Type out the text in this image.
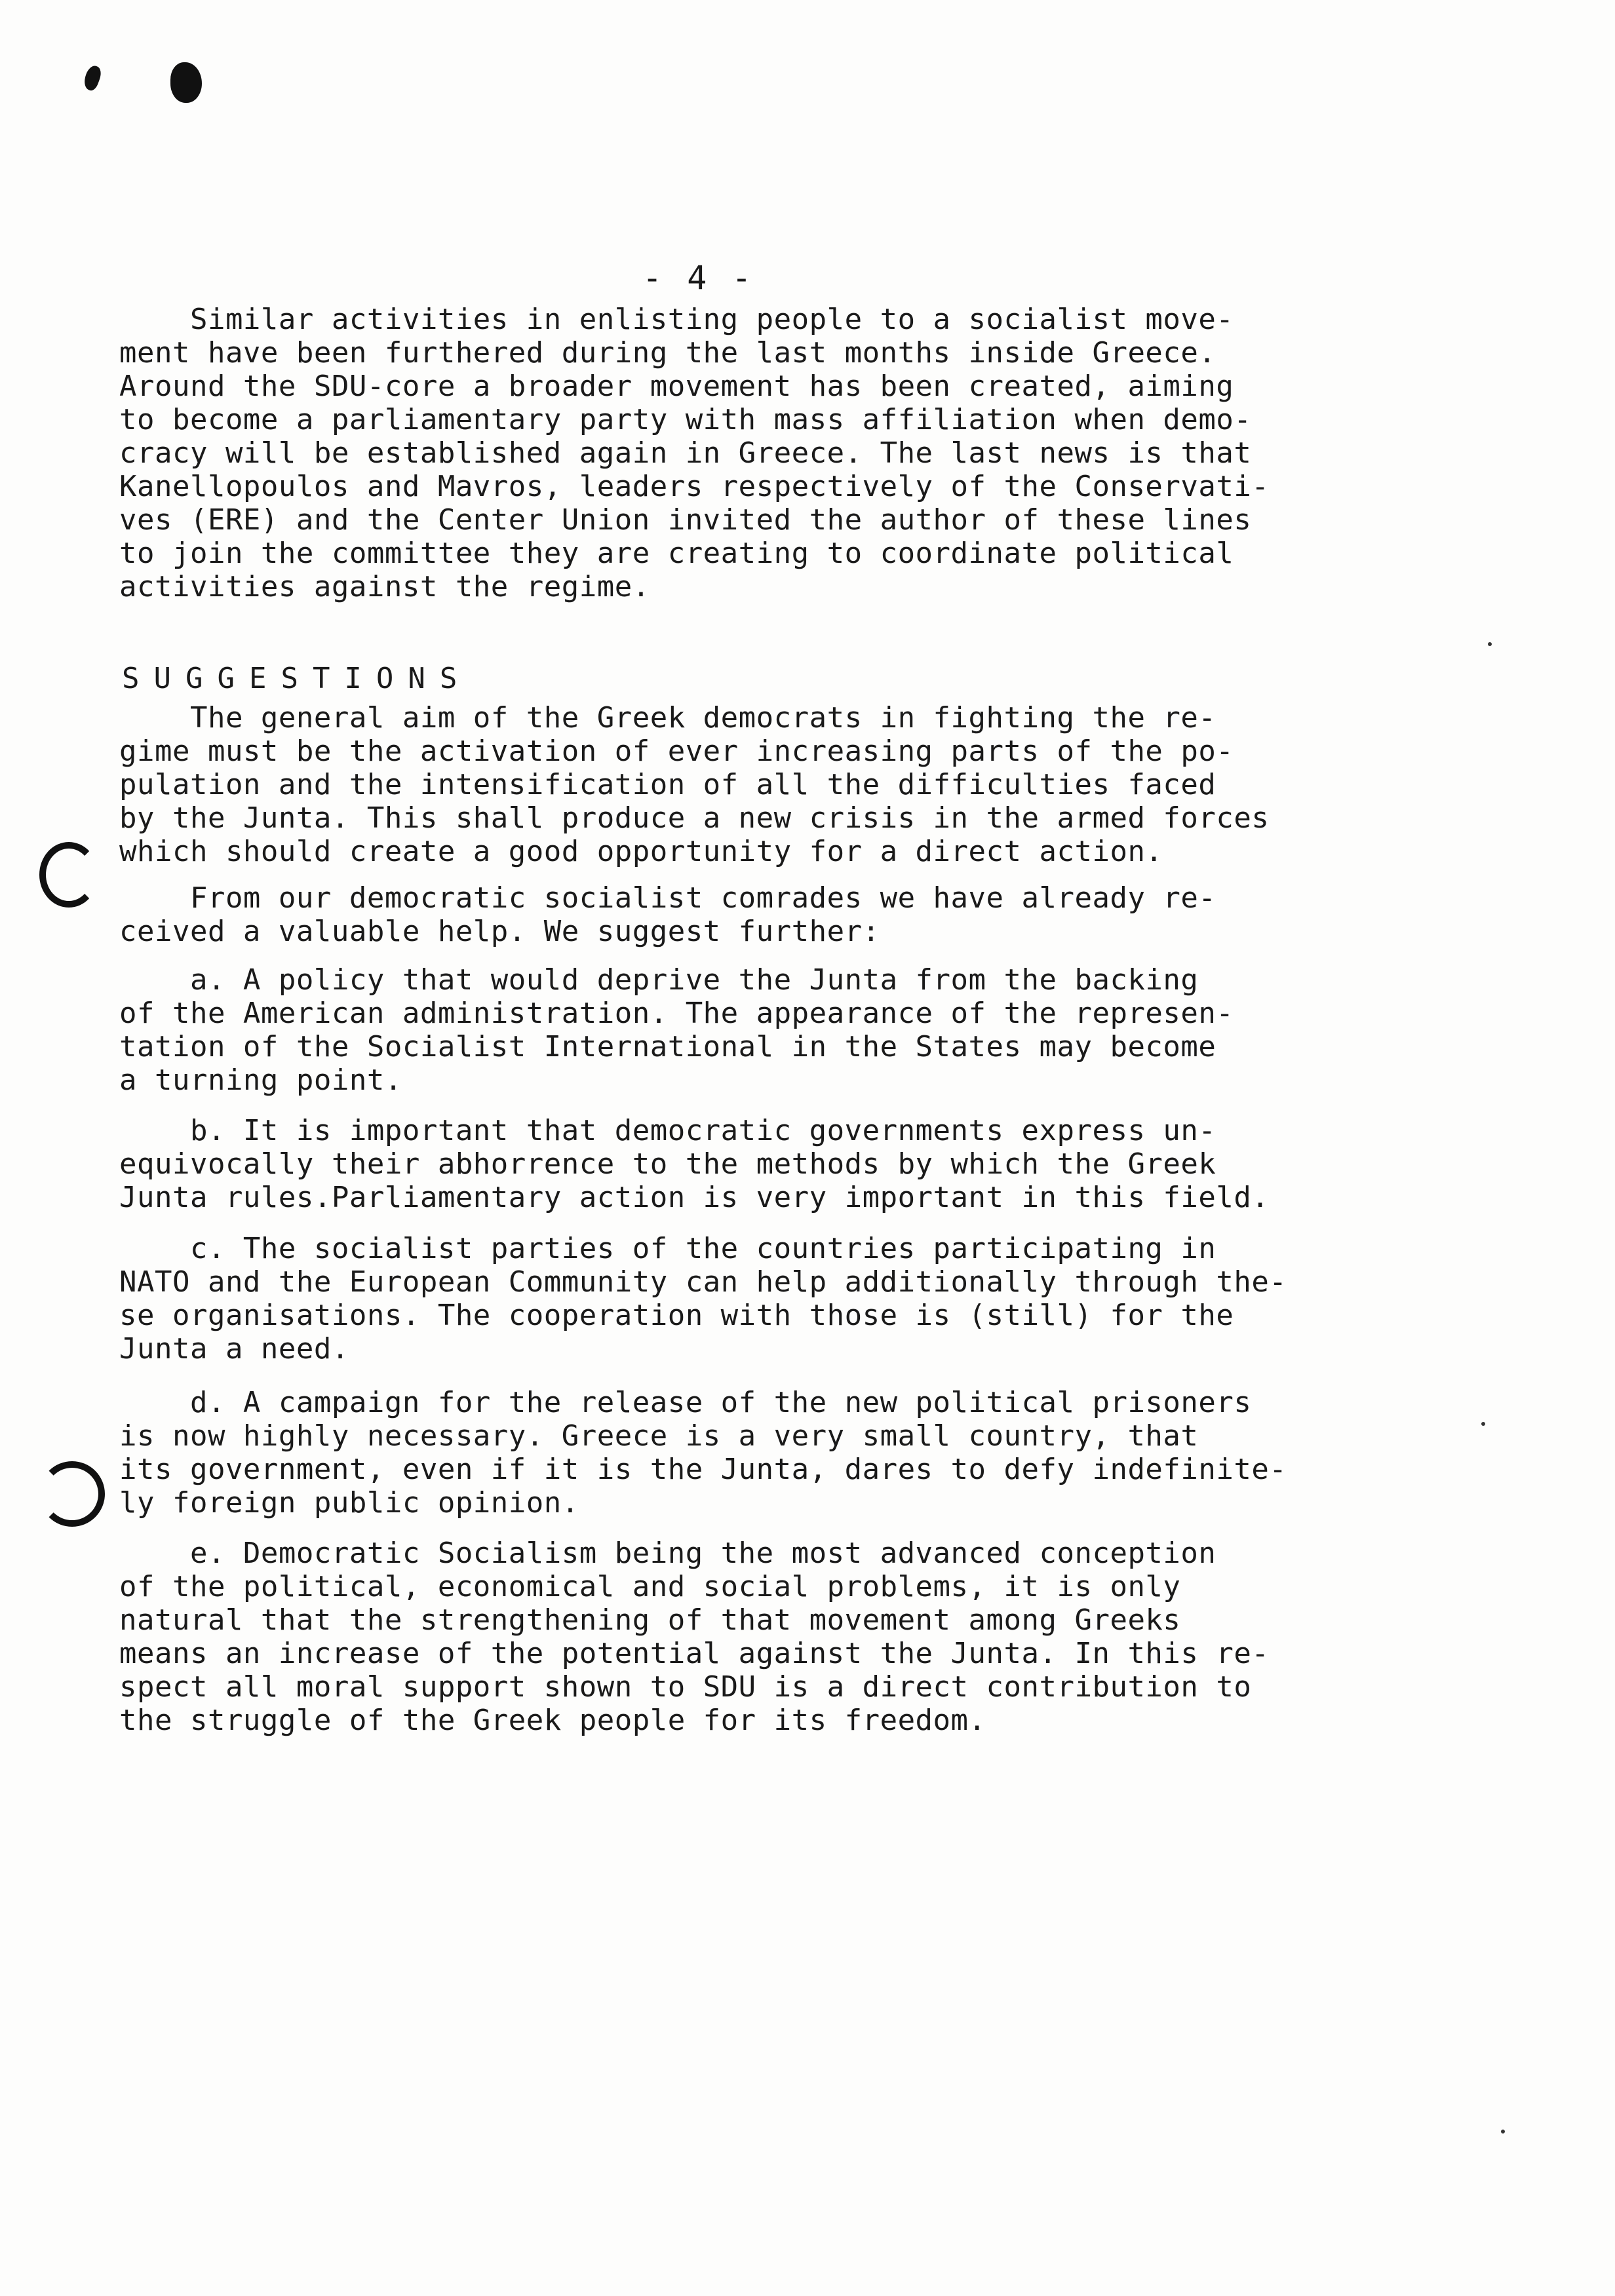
- 4 -
Similar activities in enlisting people to a socialist move-
ment have been furthered during the last months inside Greece.
Around the SDU-core a broader movement has been created, aiming
to become a parliamentary party with mass affiliation when demo-
cracy will be established again in Greece. The last news is that
Kanellopoulos and Mavros, leaders respectively of the Conservati-
ves (ERE) and the Center Union invited the author of these lines
to join the committee they are creating to coordinate political
activities against the regime.
SUGGESTIONS
The general aim of the Greek democrats in fighting the re-
gime must be the activation of ever increasing parts of the po-
pulation and the intensification of all the difficulties faced
by the Junta. This shall produce a new crisis in the armed forces
which should create a good opportunity for a direct action.
From our democratic socialist comrades we have already re-
ceived a valuable help. We suggest further:
a. A policy that would deprive the Junta from the backing
of the American administration. The appearance of the represen-
tation of the Socialist International in the States may become
a turning point.
b. It is important that democratic governments express un-
equivocally their abhorrence to the methods by which the Greek
Junta rules.Parliamentary action is very important in this field.
c. The socialist parties of the countries participating in
NATO and the European Community can help additionally through the-
se organisations. The cooperation with those is (still) for the
Junta a need.
d. A campaign for the release of the new political prisoners
is now highly necessary. Greece is a very small country, that
its government, even if it is the Junta, dares to defy indefinite-
ly foreign public opinion.
e. Democratic Socialism being the most advanced conception
of the political, economical and social problems, it is only
natural that the strengthening of that movement among Greeks
means an increase of the potential against the Junta. In this re-
spect all moral support shown to SDU is a direct contribution to
the struggle of the Greek people for its freedom.
